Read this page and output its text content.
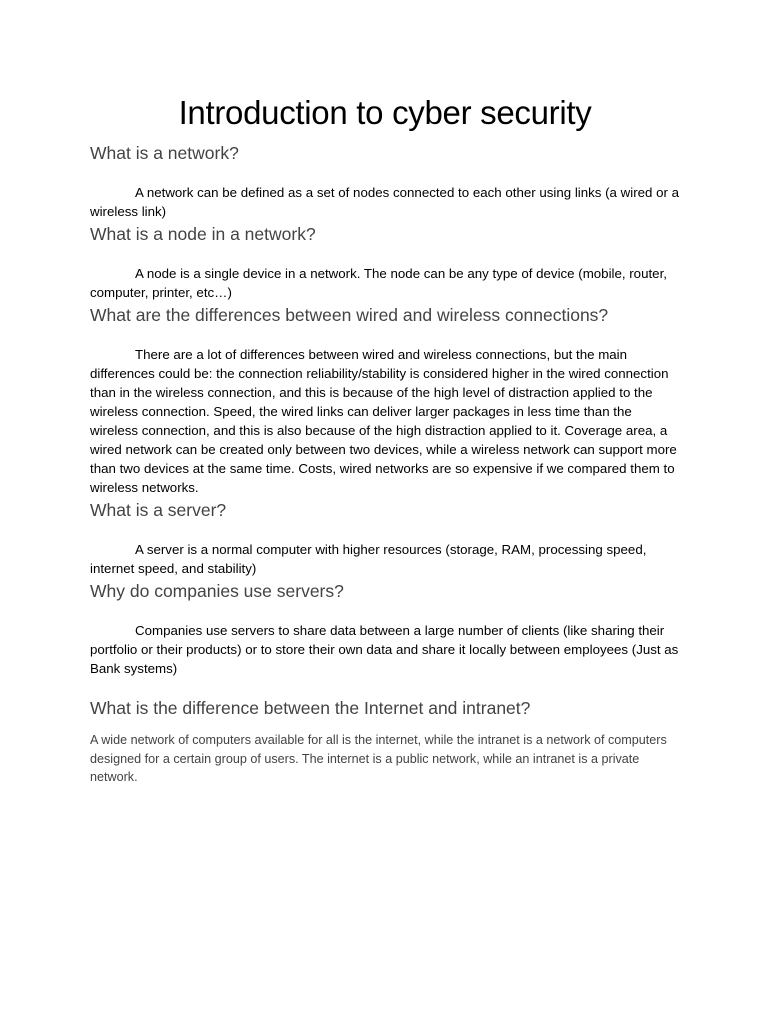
Introduction to cyber security
What is a network?

A network can be defined as a set of nodes connected to each other using links (a wired or a wireless link)

What is a node in a network?

A node is a single device in a network. The node can be any type of device (mobile, router, computer, printer, etc…)

What are the differences between wired and wireless connections?

There are a lot of differences between wired and wireless connections, but the main differences could be: the connection reliability/stability is considered higher in the wired connection than in the wireless connection, and this is because of the high level of distraction applied to the wireless connection. Speed, the wired links can deliver larger packages in less time than the wireless connection, and this is also because of the high distraction applied to it. Coverage area, a wired network can be created only between two devices, while a wireless network can support more than two devices at the same time. Costs, wired networks are so expensive if we compared them to wireless networks.

What is a server?

A server is a normal computer with higher resources (storage, RAM, processing speed, internet speed, and stability)

Why do companies use servers?

Companies use servers to share data between a large number of clients (like sharing their portfolio or their products) or to store their own data and share it locally between employees (Just as Bank systems)

What is the difference between the Internet and intranet?

A wide network of computers available for all is the internet, while the intranet is a network of computers designed for a certain group of users. The internet is a public network, while an intranet is a private network.
